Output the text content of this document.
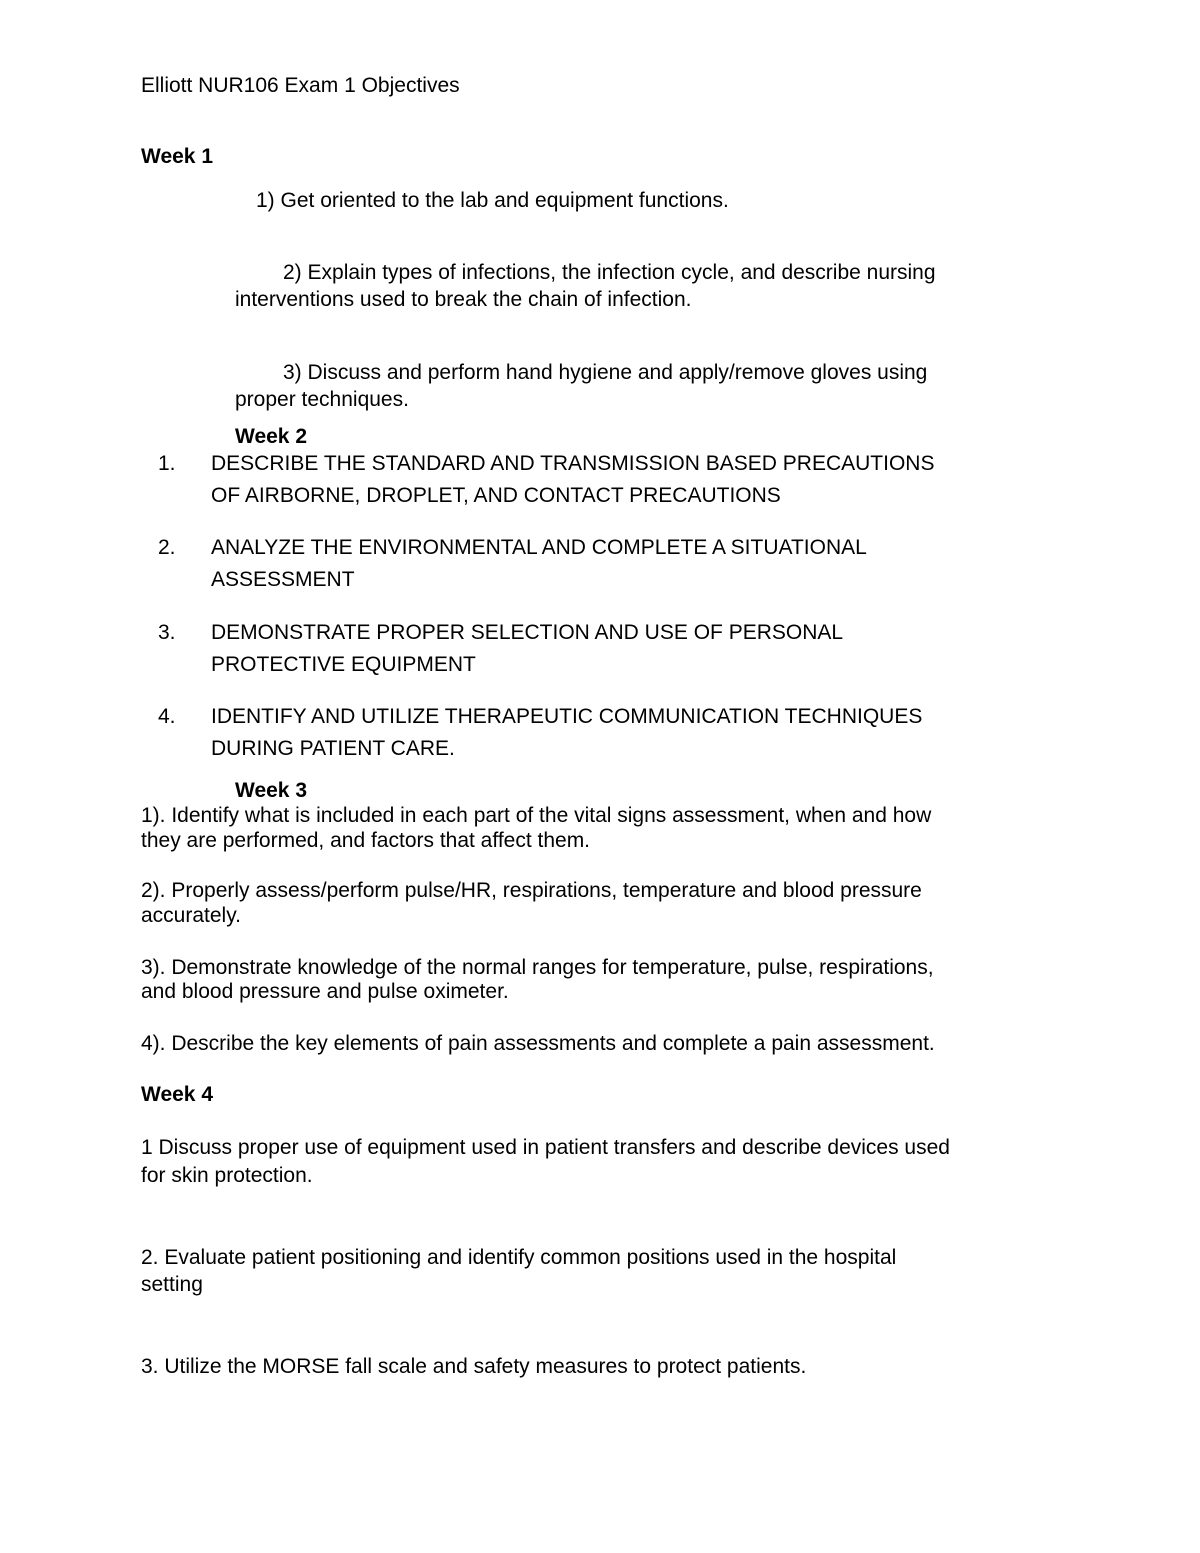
Elliott NUR106 Exam 1 Objectives
Week 1
1) Get oriented to the lab and equipment functions.
2) Explain types of infections, the infection cycle, and describe nursing
interventions used to break the chain of infection.
3) Discuss and perform hand hygiene and apply/remove gloves using
proper techniques.
Week 2
1. DESCRIBE THE STANDARD AND TRANSMISSION BASED PRECAUTIONS
OF AIRBORNE, DROPLET, AND CONTACT PRECAUTIONS
2. ANALYZE THE ENVIRONMENTAL AND COMPLETE A SITUATIONAL
ASSESSMENT
3. DEMONSTRATE PROPER SELECTION AND USE OF PERSONAL
PROTECTIVE EQUIPMENT
4. IDENTIFY AND UTILIZE THERAPEUTIC COMMUNICATION TECHNIQUES
DURING PATIENT CARE.
Week 3
1). Identify what is included in each part of the vital signs assessment, when and how
they are performed, and factors that affect them.
2). Properly assess/perform pulse/HR, respirations, temperature and blood pressure
accurately.
3). Demonstrate knowledge of the normal ranges for temperature, pulse, respirations,
and blood pressure and pulse oximeter.
4). Describe the key elements of pain assessments and complete a pain assessment.
Week 4
1 Discuss proper use of equipment used in patient transfers and describe devices used
for skin protection.
2. Evaluate patient positioning and identify common positions used in the hospital
setting
3. Utilize the MORSE fall scale and safety measures to protect patients.
